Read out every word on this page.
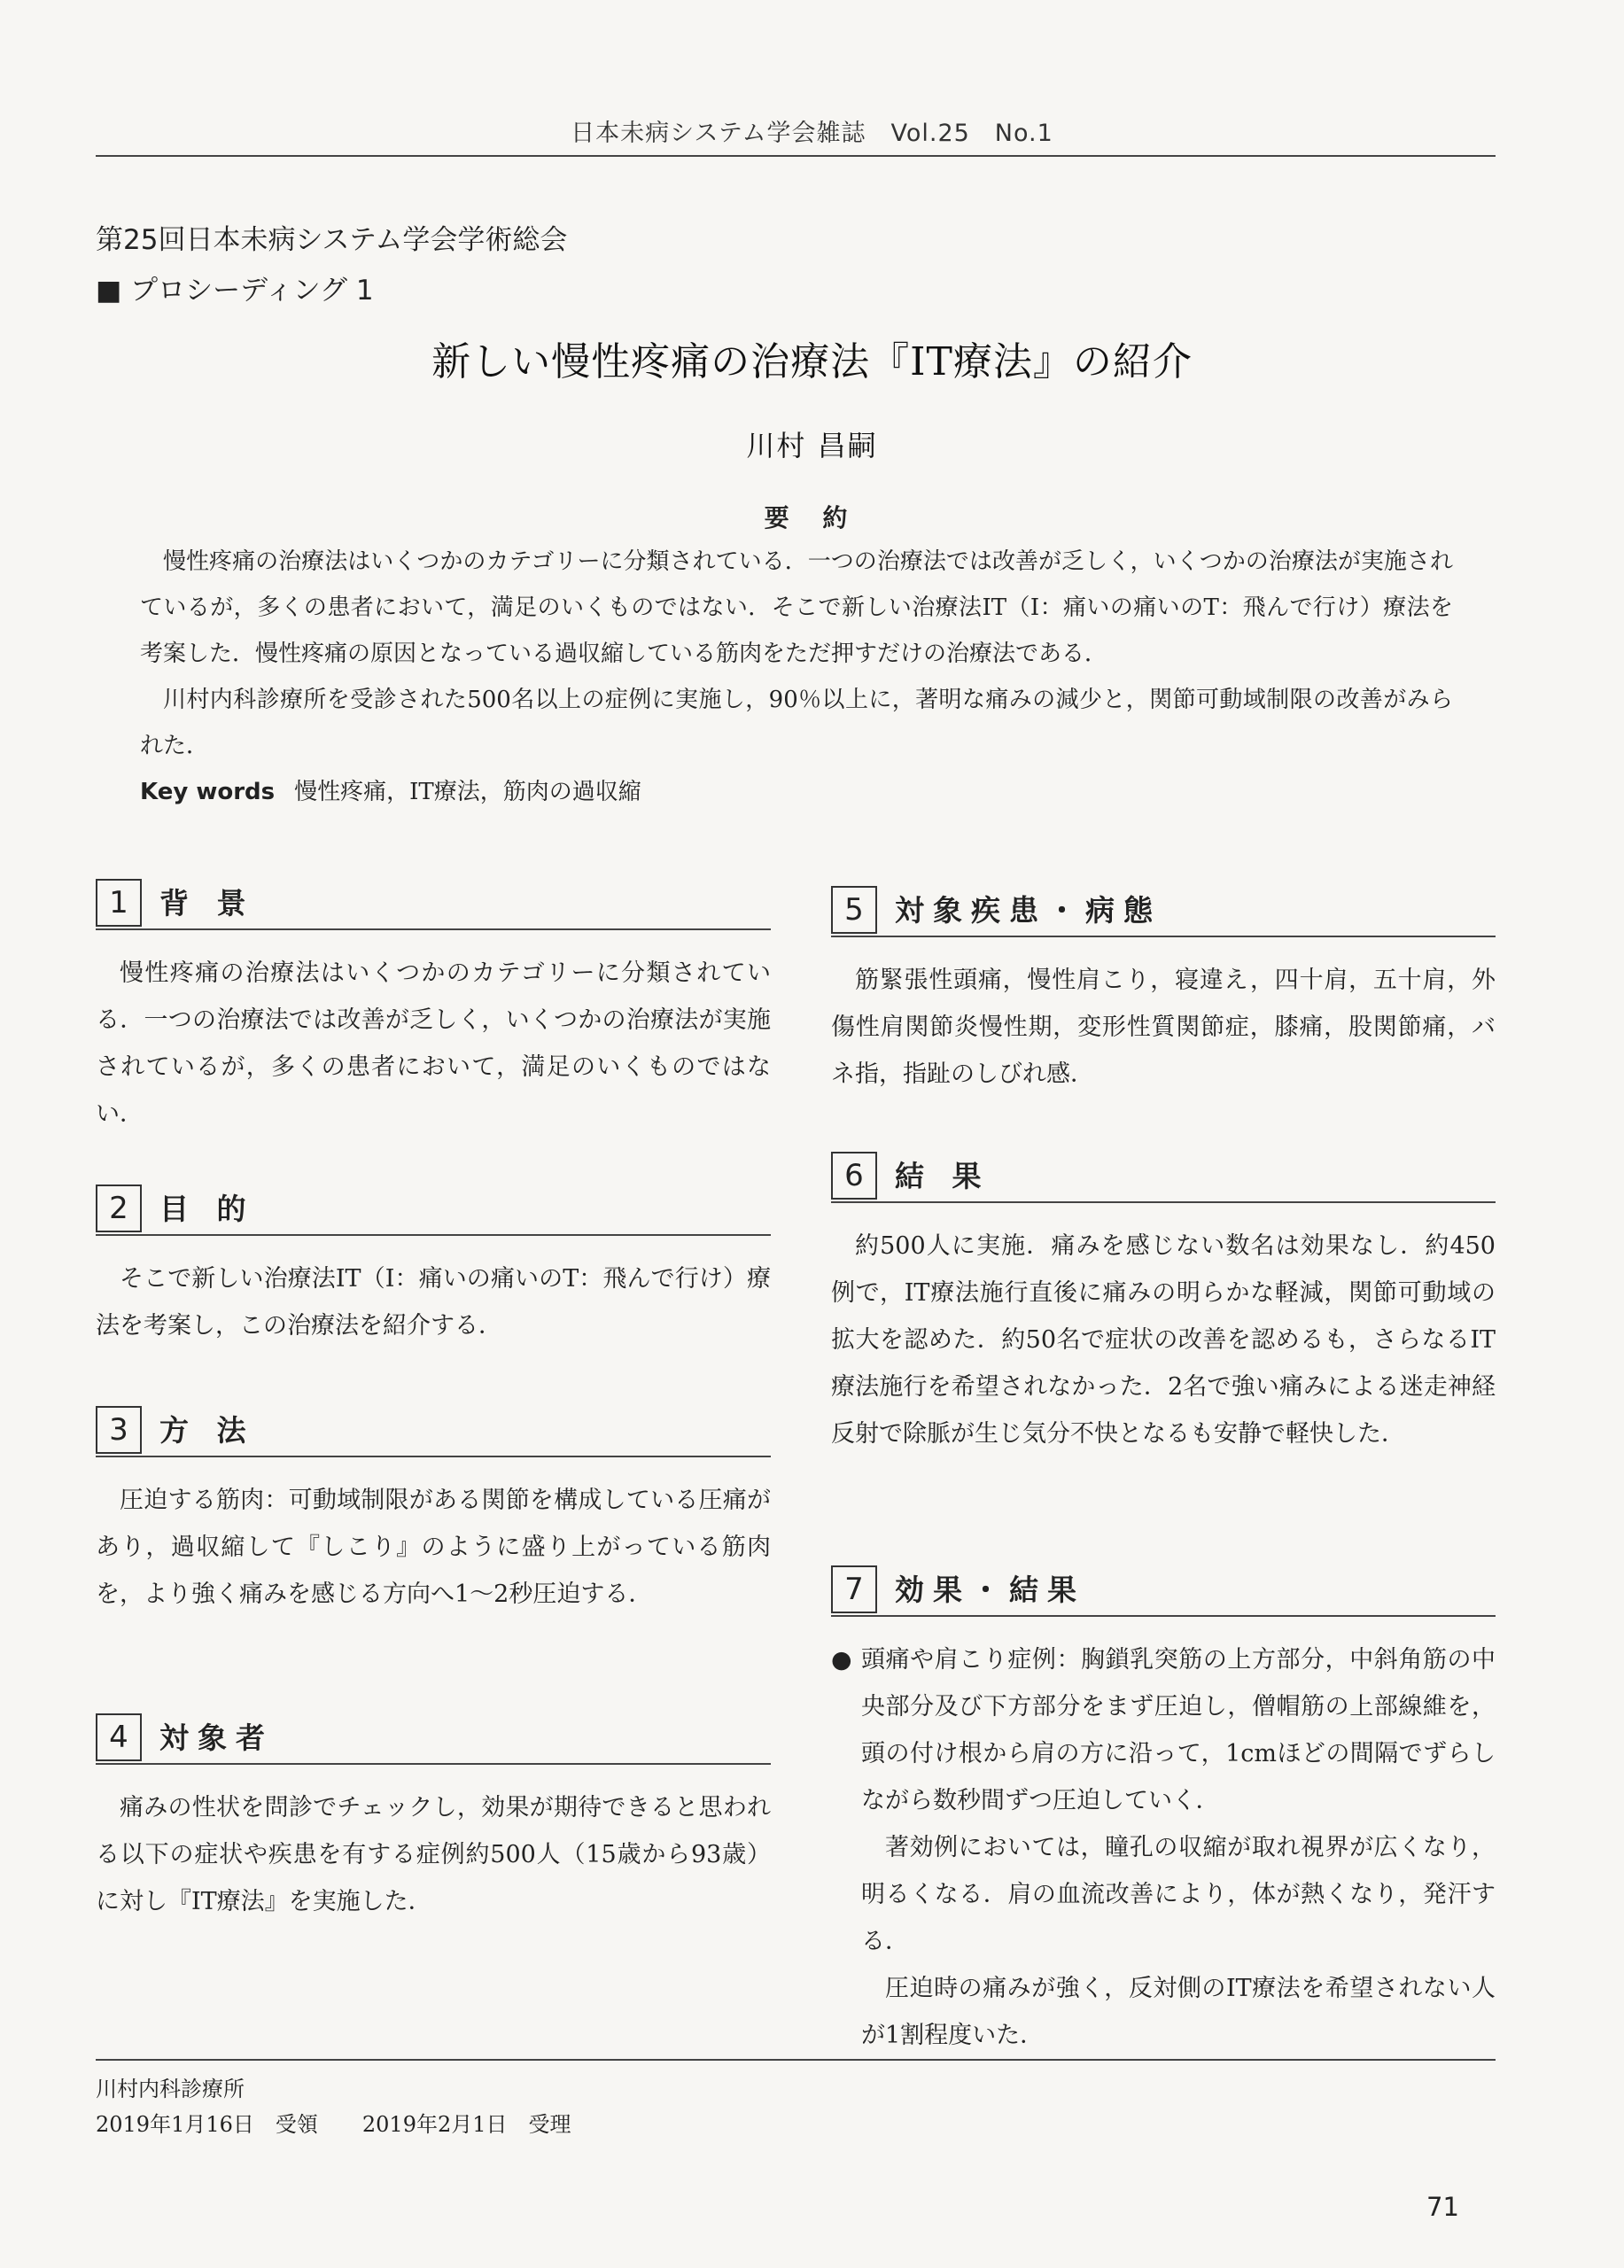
日本未病システム学会雑誌　Vol.25　No.1
第25回日本未病システム学会学術総会
■ プロシーディング 1
新しい慢性疼痛の治療法『IT療法』の紹介
川村 昌嗣
要 約

慢性疼痛の治療法はいくつかのカテゴリーに分類されている．一つの治療法では改善が乏しく，いくつかの治療法が実施されているが，多くの患者において，満足のいくものではない．そこで新しい治療法IT（I：痛いの痛いのT：飛んで行け）療法を考案した．慢性疼痛の原因となっている過収縮している筋肉をただ押すだけの治療法である．

川村内科診療所を受診された500名以上の症例に実施し，90％以上に，著明な痛みの減少と，関節可動域制限の改善がみられた．

Key words 慢性疼痛，IT療法，筋肉の過収縮
1	背 景

慢性疼痛の治療法はいくつかのカテゴリーに分類されている．一つの治療法では改善が乏しく，いくつかの治療法が実施されているが，多くの患者において，満足のいくものではない．

2	目 的

そこで新しい治療法IT（I：痛いの痛いのT：飛んで行け）療法を考案し，この治療法を紹介する．

3	方 法

圧迫する筋肉：可動域制限がある関節を構成している圧痛があり，過収縮して『しこり』のように盛り上がっている筋肉を，より強く痛みを感じる方向へ1～2秒圧迫する．

4	対象者

痛みの性状を問診でチェックし，効果が期待できると思われる以下の症状や疾患を有する症例約500人（15歳から93歳）に対し『IT療法』を実施した．

5	対象疾患・病態

筋緊張性頭痛，慢性肩こり，寝違え，四十肩，五十肩，外傷性肩関節炎慢性期，変形性質関節症，膝痛，股関節痛，バネ指，指趾のしびれ感．

6	結 果

約500人に実施．痛みを感じない数名は効果なし．約450例で，IT療法施行直後に痛みの明らかな軽減，関節可動域の拡大を認めた．約50名で症状の改善を認めるも，さらなるIT療法施行を希望されなかった．2名で強い痛みによる迷走神経反射で除脈が生じ気分不快となるも安静で軽快した．

7	効果・結果
● 頭痛や肩こり症例：胸鎖乳突筋の上方部分，中斜角筋の中央部分及び下方部分をまず圧迫し，僧帽筋の上部線維を，頭の付け根から肩の方に沿って，1cmほどの間隔でずらしながら数秒間ずつ圧迫していく．

著効例においては，瞳孔の収縮が取れ視界が広くなり，明るくなる．肩の血流改善により，体が熱くなり，発汗する．

圧迫時の痛みが強く，反対側のIT療法を希望されない人が1割程度いた．

川村内科診療所
2019年1月16日　受領 2019年2月1日　受理
71
